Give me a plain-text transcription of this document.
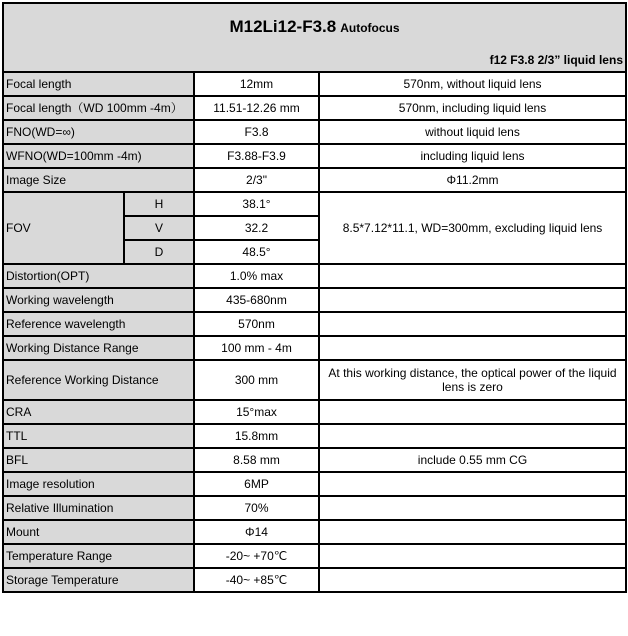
M12Li12-F3.8 Autofocus
f12 F3.8 2/3” liquid lens			

Focal length		12mm	570nm, without liquid lens
Focal length（WD 100mm -4m）		11.51-12.26 mm	570nm, including liquid lens
FNO(WD=∞)		F3.8	without liquid lens
WFNO(WD=100mm -4m)		F3.88-F3.9	including liquid lens
Image Size		2/3"	Φ11.2mm
FOV	H	38.1°	8.5*7.12*11.1, WD=300mm, excluding liquid lens
	V	32.2	
	D	48.5°	
Distortion(OPT)		1.0% max	
Working wavelength		435-680nm	
Reference wavelength		570nm	
Working Distance Range		100 mm - 4m	
Reference Working Distance		300 mm	At this working distance, the optical power of the liquid lens is zero
CRA		15°max	
TTL		15.8mm	
BFL		8.58 mm	include 0.55 mm CG
Image resolution		6MP	
Relative Illumination		70%	
Mount		Φ14	
Temperature Range		-20~ +70℃	
Storage Temperature		-40~ +85℃	
